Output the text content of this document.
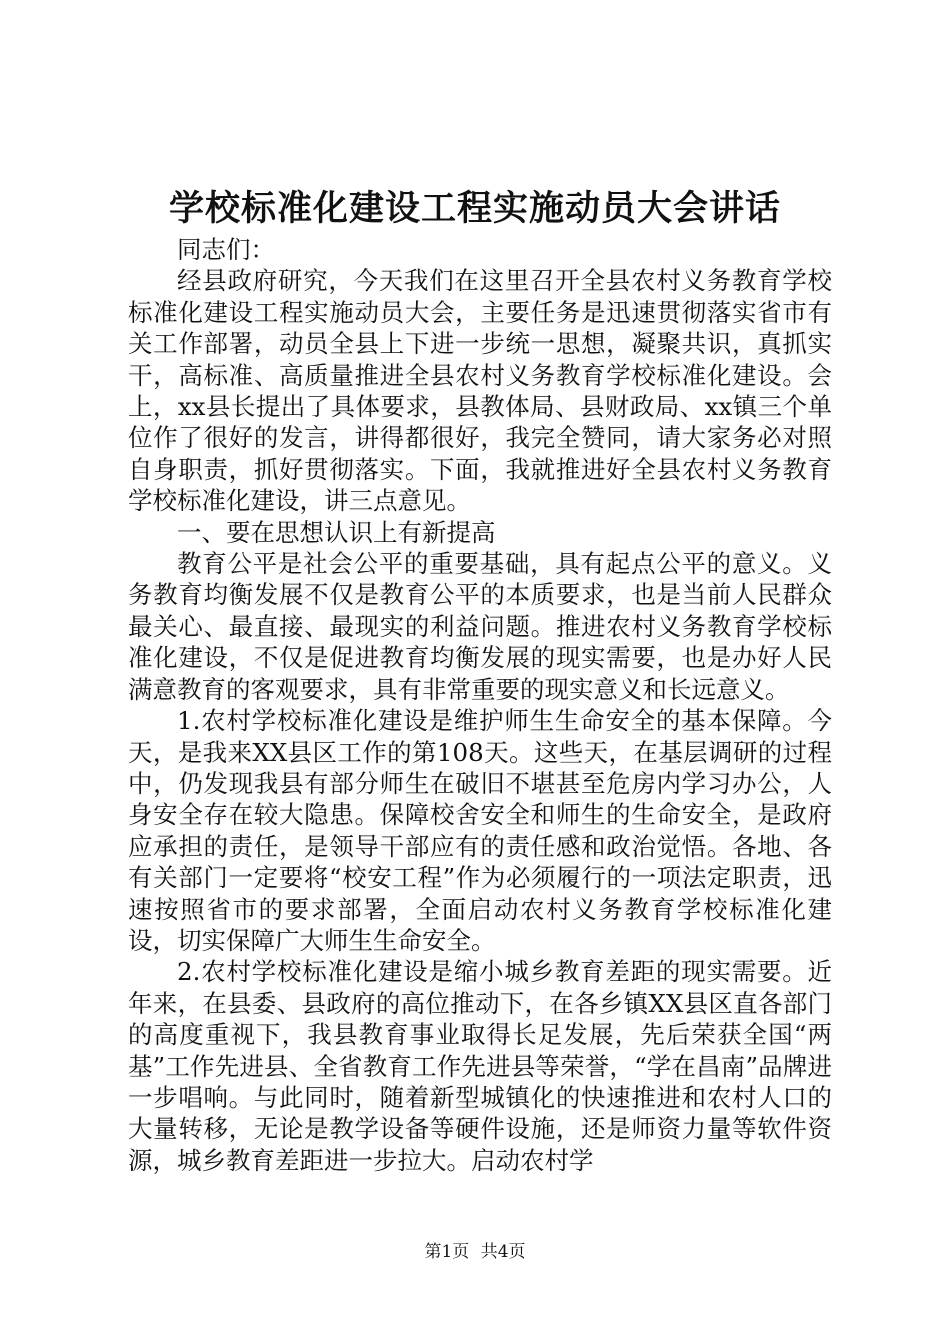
学校标准化建设工程实施动员大会讲话

同志们：

经县政府研究，今天我们在这里召开全县农村义务教育学校标准化建设工程实施动员大会，主要任务是迅速贯彻落实省市有关工作部署，动员全县上下进一步统一思想，凝聚共识，真抓实干，高标准、高质量推进全县农村义务教育学校标准化建设。会上，xx县长提出了具体要求，县教体局、县财政局、xx镇三个单位作了很好的发言，讲得都很好，我完全赞同，请大家务必对照自身职责，抓好贯彻落实。下面，我就推进好全县农村义务教育学校标准化建设，讲三点意见。

一、要在思想认识上有新提高

教育公平是社会公平的重要基础，具有起点公平的意义。义务教育均衡发展不仅是教育公平的本质要求，也是当前人民群众最关心、最直接、最现实的利益问题。推进农村义务教育学校标准化建设，不仅是促进教育均衡发展的现实需要，也是办好人民满意教育的客观要求，具有非常重要的现实意义和长远意义。

1.农村学校标准化建设是维护师生生命安全的基本保障。今天，是我来XX县区工作的第108天。这些天，在基层调研的过程中，仍发现我县有部分师生在破旧不堪甚至危房内学习办公，人身安全存在较大隐患。保障校舍安全和师生的生命安全，是政府应承担的责任，是领导干部应有的责任感和政治觉悟。各地、各有关部门一定要将“校安工程”作为必须履行的一项法定职责，迅速按照省市的要求部署，全面启动农村义务教育学校标准化建设，切实保障广大师生生命安全。

2.农村学校标准化建设是缩小城乡教育差距的现实需要。近年来，在县委、县政府的高位推动下，在各乡镇XX县区直各部门的高度重视下，我县教育事业取得长足发展，先后荣获全国“两基”工作先进县、全省教育工作先进县等荣誉，“学在昌南”品牌进一步唱响。与此同时，随着新型城镇化的快速推进和农村人口的大量转移，无论是教学设备等硬件设施，还是师资力量等软件资源，城乡教育差距进一步拉大。启动农村学

第1页 共4页
